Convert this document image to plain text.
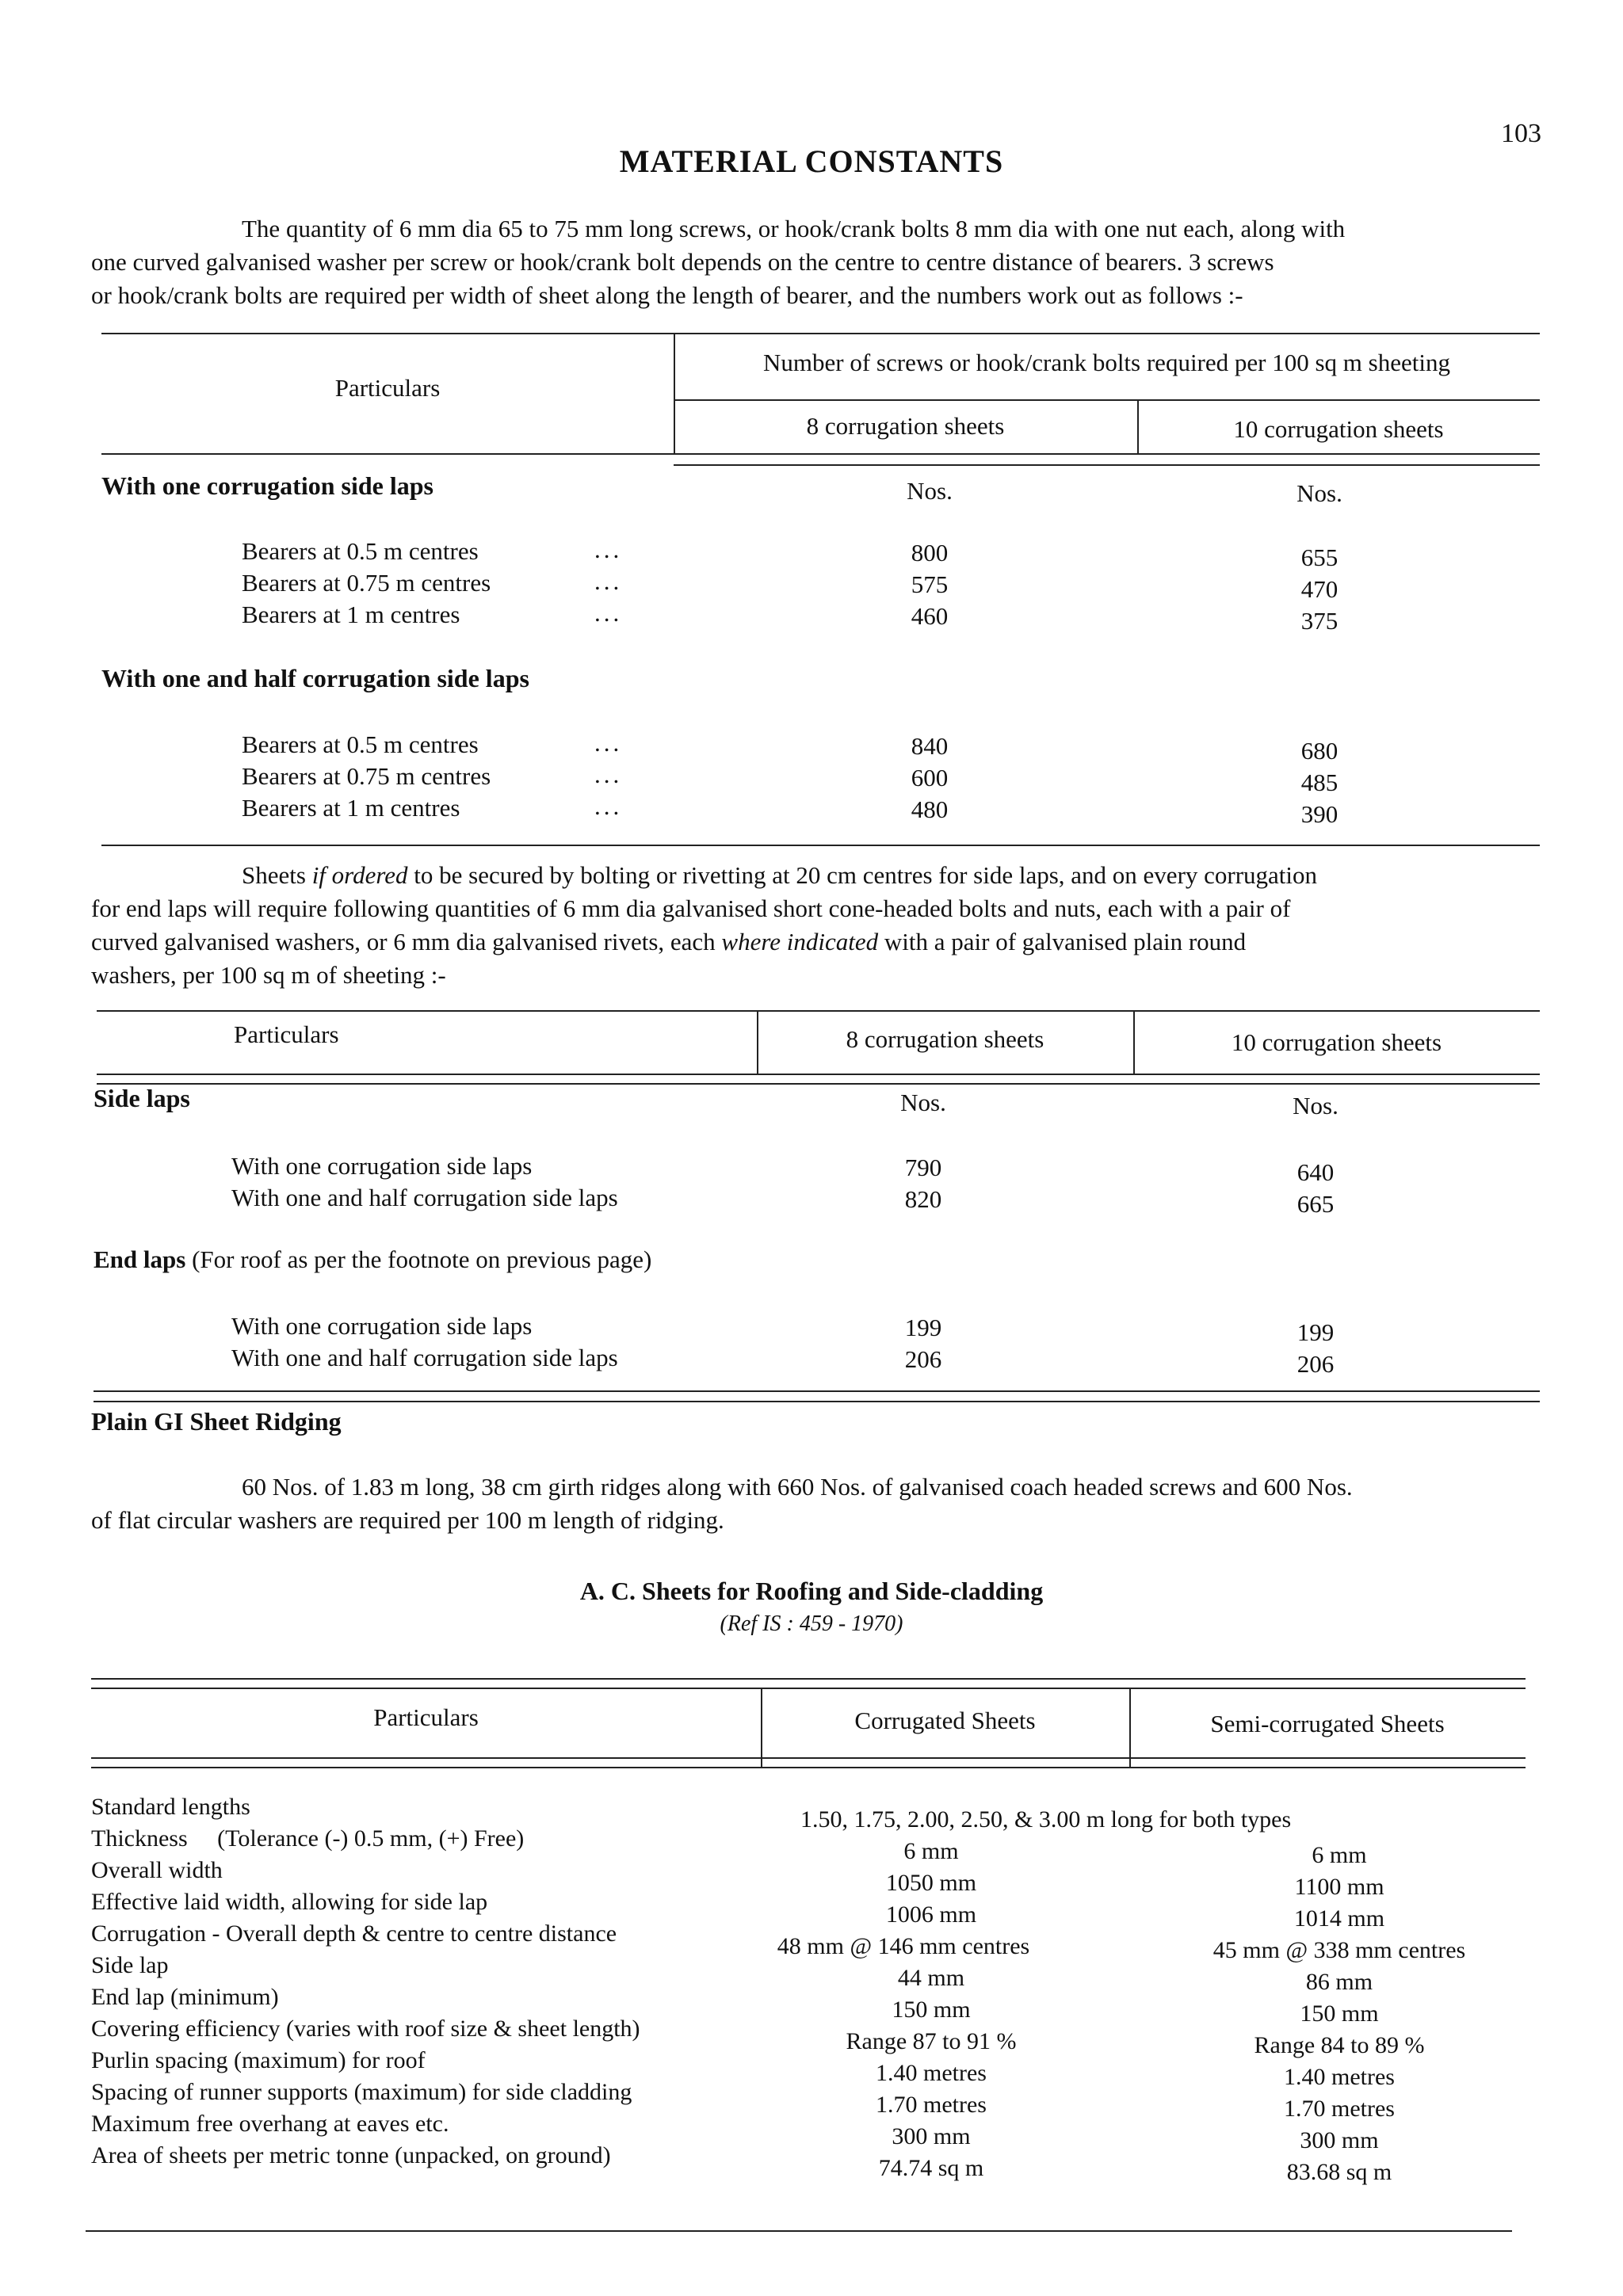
103
MATERIAL CONSTANTS
The quantity of 6 mm dia 65 to 75 mm long screws, or hook/crank bolts 8 mm dia with one nut each, along with
one curved galvanised washer per screw or hook/crank bolt depends on the centre to centre distance of bearers. 3 screws
or hook/crank bolts are required per width of sheet along the length of bearer, and the numbers work out as follows :-
Particulars
Number of screws or hook/crank bolts required per 100 sq m sheeting
8 corrugation sheets	10 corrugation sheets
With one corrugation side laps	Nos.	Nos.
Bearers at 0.5 m centres	...	800	655
Bearers at 0.75 m centres	...	575	470
Bearers at 1 m centres	...	460	375
With one and half corrugation side laps
Bearers at 0.5 m centres	...	840	680
Bearers at 0.75 m centres	...	600	485
Bearers at 1 m centres	...	480	390
Sheets if ordered to be secured by bolting or rivetting at 20 cm centres for side laps, and on every corrugation
for end laps will require following quantities of 6 mm dia galvanised short cone-headed bolts and nuts, each with a pair of
curved galvanised washers, or 6 mm dia galvanised rivets, each where indicated with a pair of galvanised plain round
washers, per 100 sq m of sheeting :-
Particulars	8 corrugation sheets	10 corrugation sheets
Side laps	Nos.	Nos.
With one corrugation side laps	790	640
With one and half corrugation side laps	820	665
End laps (For roof as per the footnote on previous page)
With one corrugation side laps	199	199
With one and half corrugation side laps	206	206
Plain GI Sheet Ridging
60 Nos. of 1.83 m long, 38 cm girth ridges along with 660 Nos. of galvanised coach headed screws and 600 Nos.
of flat circular washers are required per 100 m length of ridging.
A. C. Sheets for Roofing and Side-cladding
(Ref IS : 459 - 1970)
Particulars	Corrugated Sheets	Semi-corrugated Sheets
Standard lengths	1.50, 1.75, 2.00, 2.50, & 3.00 m long for both types
Thickness     (Tolerance (-) 0.5 mm, (+) Free)	6 mm	6 mm
Overall width	1050 mm	1100 mm
Effective laid width, allowing for side lap	1006 mm	1014 mm
Corrugation - Overall depth & centre to centre distance	48 mm @ 146 mm centres	45 mm @ 338 mm centres
Side lap	44 mm	86 mm
End lap (minimum)	150 mm	150 mm
Covering efficiency (varies with roof size & sheet length)	Range 87 to 91 %	Range 84 to 89 %
Purlin spacing (maximum) for roof	1.40 metres	1.40 metres
Spacing of runner supports (maximum) for side cladding	1.70 metres	1.70 metres
Maximum free overhang at eaves etc.	300 mm	300 mm
Area of sheets per metric tonne (unpacked, on ground)	74.74 sq m	83.68 sq m
